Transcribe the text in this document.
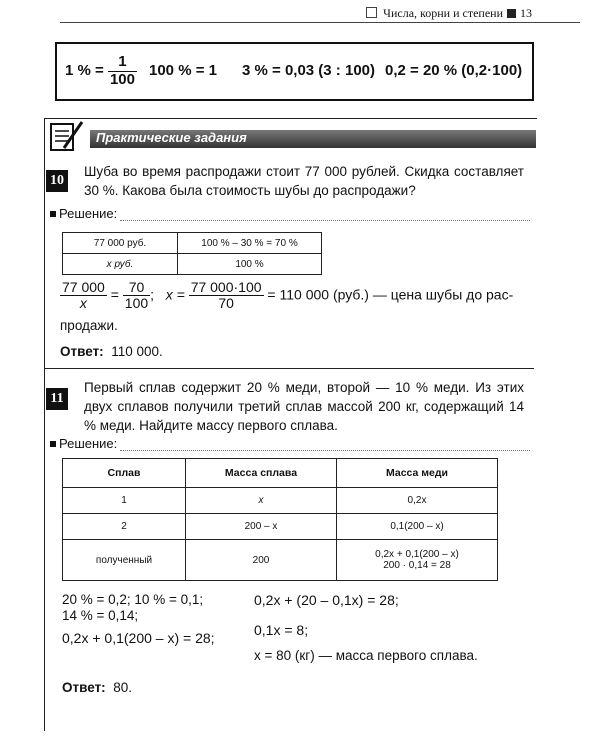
Числа, корни и степени 13
1 % = $\frac{1}{100} 100$ % = 1 3 % = 0,03 (3 : 100) 0,2 = 20 % (0,2·100)
Практические задания
10
Шуба во время распродажи стоит 77 000 рублей. Скидка составляет 30 %. Какова была стоимость шубы до распродажи?
Решение:
77 000 руб.	100 % – 30 % = 70 %
x руб.	100 %
$\frac{77 000}{x} = \frac{70}{100}$ ; $x = \frac{77 000\cdot 100}{70} = 110$ 000 (руб.) — цена шубы до рас-
продажи.
Ответ: 110 000.
11
Первый сплав содержит 20 % меди, второй — 10 % меди. Из этих двух сплавов получили третий сплав массой 200 кг, содержащий 14 % меди. Найдите массу первого сплава.
Решение:
Сплав	Масса сплава	Масса меди
1	x	0,2x
2	200 – x	0,1(200 – x)
полученный	200	0,2x + 0,1(200 – x)
200 · 0,14 = 28
20 % = 0,2; 10 % = 0,1;
14 % = 0,14;
0,2x + 0,1(200 – x) = 28;
0,2x + (20 – 0,1x) = 28;
0,1x = 8;
x = 80 (кг) — масса первого сплава.
Ответ: 80.
